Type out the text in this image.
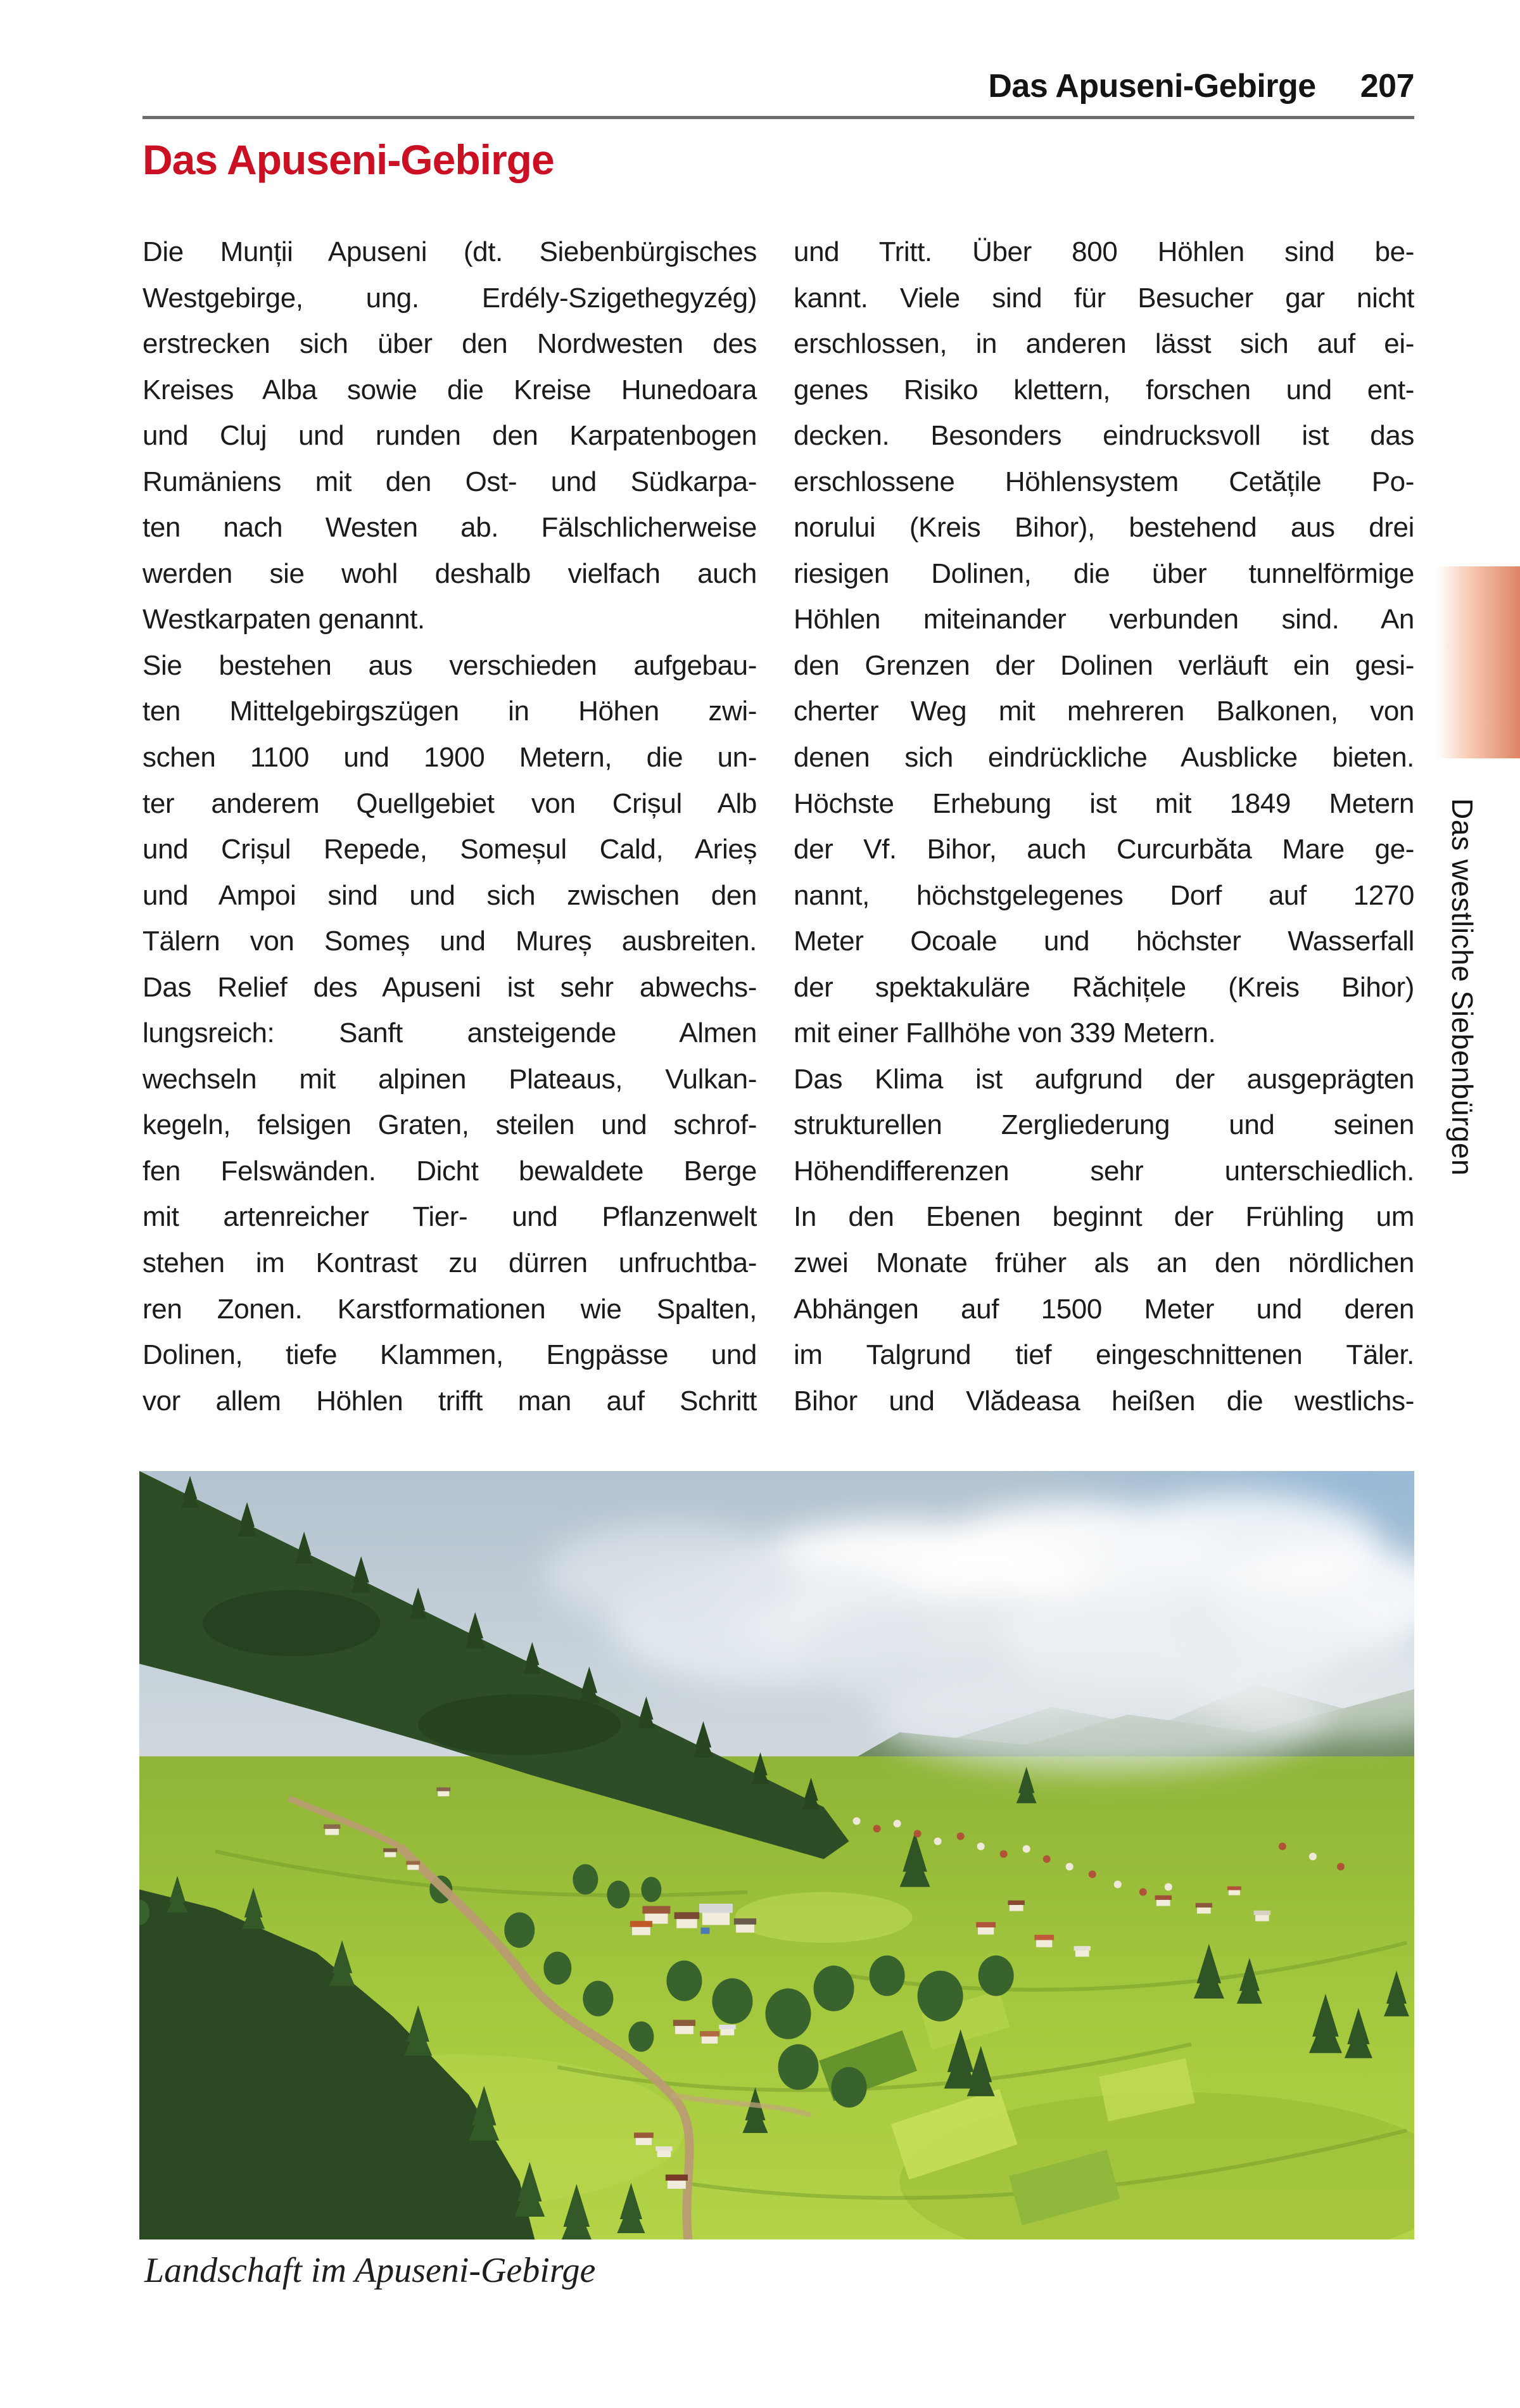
Das Apuseni-Gebirge 207
Das Apuseni-Gebirge
Die Munții Apuseni (dt. Siebenbürgisches
Westgebirge, ung. Erdély-Szigethegyzég)
erstrecken sich über den Nordwesten des
Kreises Alba sowie die Kreise Hunedoara
und Cluj und runden den Karpatenbogen
Rumäniens mit den Ost- und Südkarpa-
ten nach Westen ab. Fälschlicherweise
werden sie wohl deshalb vielfach auch
Westkarpaten genannt.
Sie bestehen aus verschieden aufgebau-
ten Mittelgebirgszügen in Höhen zwi-
schen 1100 und 1900 Metern, die un-
ter anderem Quellgebiet von Crișul Alb
und Crișul Repede, Someșul Cald, Arieș
und Ampoi sind und sich zwischen den
Tälern von Someș und Mureș ausbreiten.
Das Relief des Apuseni ist sehr abwechs-
lungsreich: Sanft ansteigende Almen
wechseln mit alpinen Plateaus, Vulkan-
kegeln, felsigen Graten, steilen und schrof-
fen Felswänden. Dicht bewaldete Berge
mit artenreicher Tier- und Pflanzenwelt
stehen im Kontrast zu dürren unfruchtba-
ren Zonen. Karstformationen wie Spalten,
Dolinen, tiefe Klammen, Engpässe und
vor allem Höhlen trifft man auf Schritt
und Tritt. Über 800 Höhlen sind be-
kannt. Viele sind für Besucher gar nicht
erschlossen, in anderen lässt sich auf ei-
genes Risiko klettern, forschen und ent-
decken. Besonders eindrucksvoll ist das
erschlossene Höhlensystem Cetățile Po-
norului (Kreis Bihor), bestehend aus drei
riesigen Dolinen, die über tunnelförmige
Höhlen miteinander verbunden sind. An
den Grenzen der Dolinen verläuft ein gesi-
cherter Weg mit mehreren Balkonen, von
denen sich eindrückliche Ausblicke bieten.
Höchste Erhebung ist mit 1849 Metern
der Vf. Bihor, auch Curcurbăta Mare ge-
nannt, höchstgelegenes Dorf auf 1270
Meter Ocoale und höchster Wasserfall
der spektakuläre Răchițele (Kreis Bihor)
mit einer Fallhöhe von 339 Metern.
Das Klima ist aufgrund der ausgeprägten
strukturellen Zergliederung und seinen
Höhendifferenzen sehr unterschiedlich.
In den Ebenen beginnt der Frühling um
zwei Monate früher als an den nördlichen
Abhängen auf 1500 Meter und deren
im Talgrund tief eingeschnittenen Täler.
Bihor und Vlădeasa heißen die westlichs-
Das westliche Siebenbürgen
Landschaft im Apuseni-Gebirge
